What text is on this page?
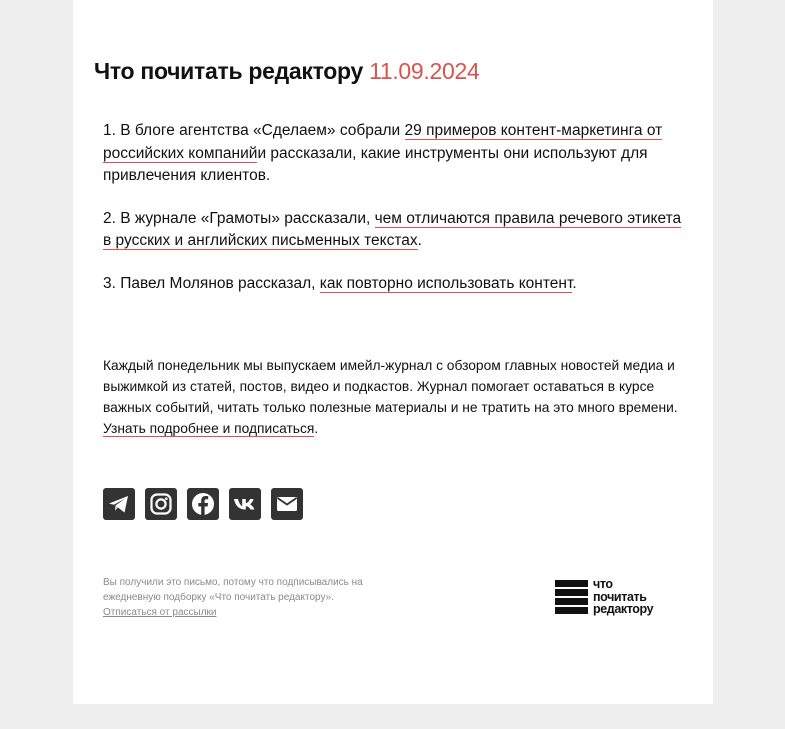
Что почитать редактору 11.09.2024

1. В блоге агентства «Сделаем» собрали 29 примеров контент-маркетинга от российских компанийи рассказали, какие инструменты они используют для привлечения клиентов.

2. В журнале «Грамоты» рассказали, чем отличаются правила речевого этикета в русских и английских письменных текстах.

3. Павел Молянов рассказал, как повторно использовать контент.

Каждый понедельник мы выпускаем имейл-журнал с обзором главных новостей медиа и выжимкой из статей, постов, видео и подкастов. Журнал помогает оставаться в курсе важных событий, читать только полезные материалы и не тратить на это много времени. Узнать подробнее и подписаться.
Вы получили это письмо, потому что подписывались на ежедневную подборку «Что почитать редактору».
Отписаться от рассылки
что
почитать
редактору
